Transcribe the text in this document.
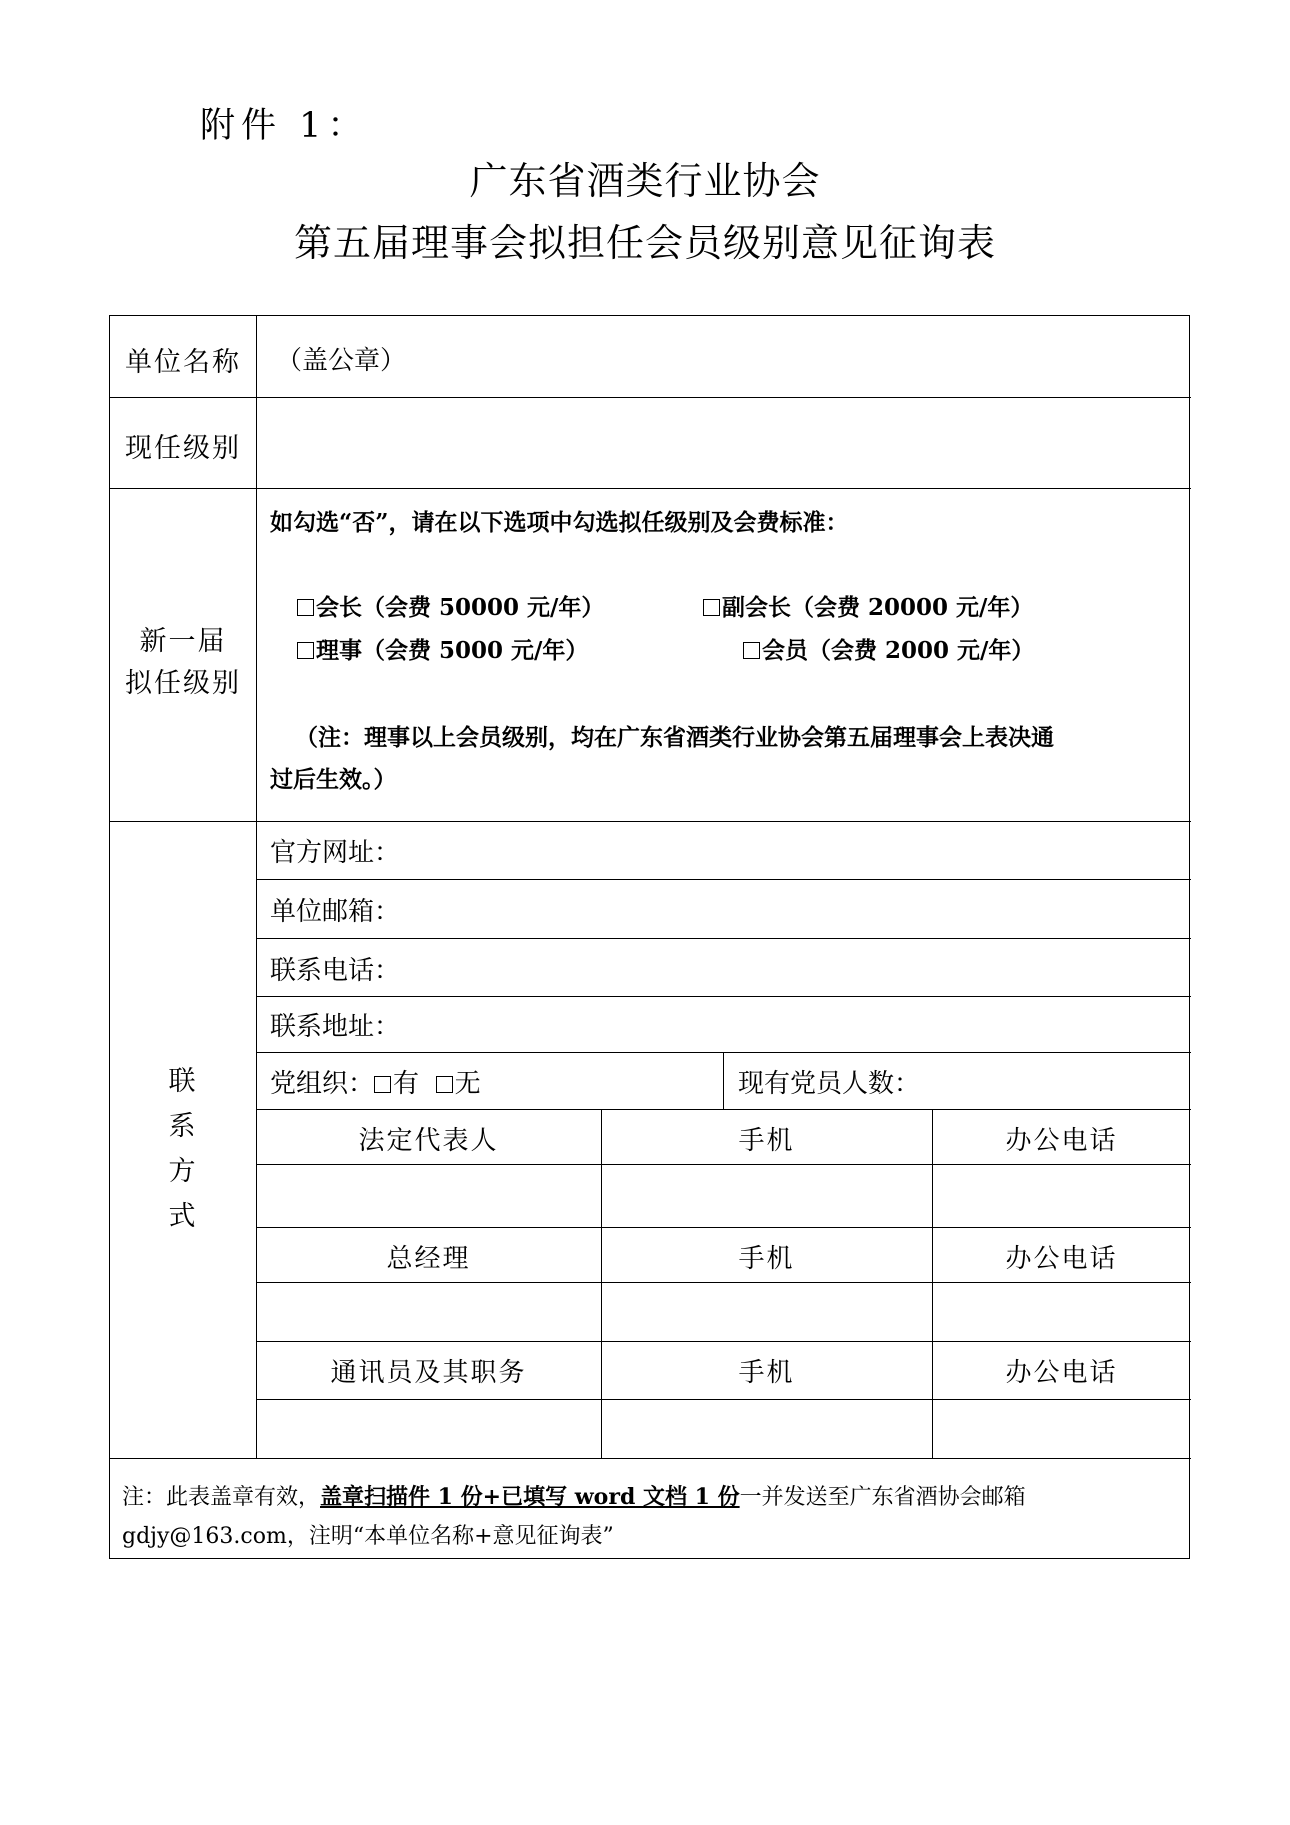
附件 1：
广东省酒类行业协会
第五届理事会拟担任会员级别意见征询表
单位名称	（盖公章）
现任级别
新一届
拟任级别
如勾选“否”，请在以下选项中勾选拟任级别及会费标准：
会长（会费 50000 元/年）	副会长（会费 20000 元/年）
理事（会费 5000 元/年）	会员（会费 2000 元/年）
（注：理事以上会员级别，均在广东省酒类行业协会第五届理事会上表决通
过后生效。）
联
系
方
式
官方网址：
单位邮箱：
联系电话：
联系地址：
党组织： 有 无	现有党员人数：
法定代表人	手机	办公电话
总经理	手机	办公电话
通讯员及其职务	手机	办公电话
注：此表盖章有效，盖章扫描件 1 份+已填写 word 文档 1 份一并发送至广东省酒协会邮箱
gdjy@163.com，注明“本单位名称+意见征询表”
